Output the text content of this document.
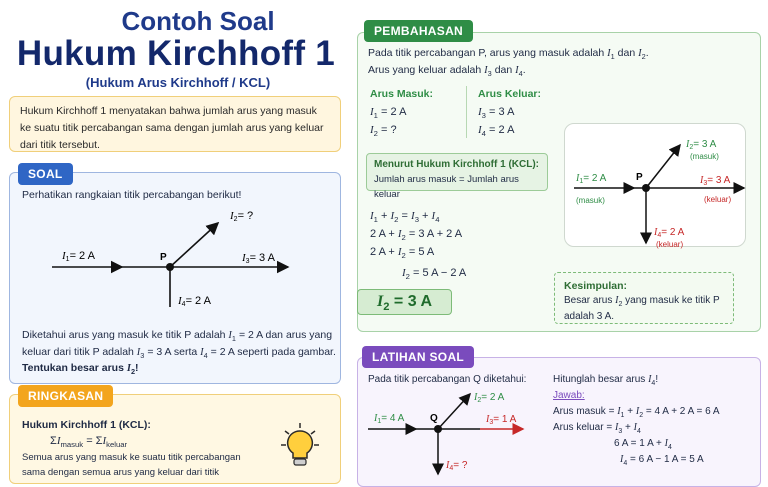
Contoh Soal
Hukum Kirchhoff 1
(Hukum Arus Kirchhoff / KCL)
Hukum Kirchhoff 1 menyatakan bahwa jumlah arus yang masuk ke suatu titik percabangan sama dengan jumlah arus yang keluar dari titik tersebut.
SOAL
Perhatikan rangkaian titik percabangan berikut!
P
I1= 2 A
I2= ?
I3= 3 A
I4= 2 A
Diketahui arus yang masuk ke titik P adalah $I_1 = 2$ A dan arus yang
keluar dari titik P adalah $I_3 = 3$ A serta $I_4 = 2$ A seperti pada gambar.
Tentukan besar arus $I_2$!
RINGKASAN
Hukum Kirchhoff 1 (KCL):
$\Sigma I_{masuk} = \Sigma I_{keluar}$
Semua arus yang masuk ke suatu titik percabangan sama dengan semua arus yang keluar dari titik
PEMBAHASAN
Pada titik percabangan P, arus yang masuk adalah $I_1$ dan $I_2$.
Arus yang keluar adalah $I_3$ dan $I_4$.
Arus Masuk:
$I_1 = 2$ A
$I_2$ = ?
Arus Keluar:
$I_3 = 3$ A
$I_4 = 2$ A
Menurut Hukum Kirchhoff 1 (KCL):
Jumlah arus masuk = Jumlah arus keluar
$I_1 + I_2 = I_3 + I_4$
2 $A + I_2 = 3$ A + 2 A
2 $A + I_2 = 5$ A
$I_2 = 5$ A − 2 A
$I_2 = 3$ A
P
$I_1= 2$ A
(masuk)
$I_2= 3$ A
(masuk)
$I_3= 3$ A
(keluar)
$I_4= 2$ A
(keluar)
Kesimpulan:
Besar arus $I_2$ yang masuk ke titik P
adalah 3 A.
LATIHAN SOAL
Pada titik percabangan Q diketahui:	Hitunglah besar arus $I_4$!
Jawab:
Q
$I_1= 4$ A
$I_2= 2$ A
$I_3= 1$ A
$I_4=$ ?
Arus masuk = $I_1 + I_2 = 4$ A + 2 A = 6 A
Arus keluar = $I_3 + I_4$
6 A = 1 $A + I_4$
$I_4 = 6$ A − 1 A = 5 A
